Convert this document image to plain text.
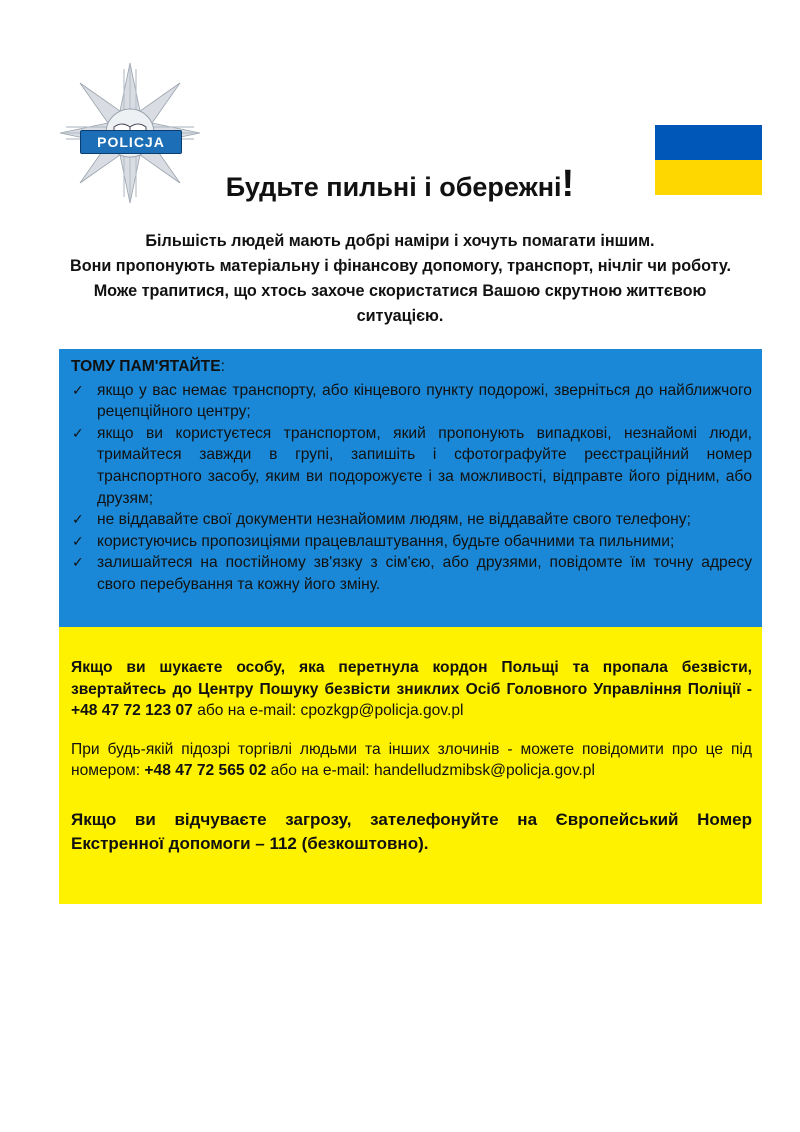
POLICJA
Будьте пильні і обережні!
Більшість людей мають добрі наміри і хочуть помагати іншим.
Вони пропонують матеріальну і фінансову допомогу, транспорт, нічліг чи роботу.
Може трапитися, що хтось захоче скористатися Вашою скрутною життєвою
ситуацією.
ТОМУ ПАМ'ЯТАЙТЕ:
✓ якщо у вас немає транспорту, або кінцевого пункту подорожі, зверніться до найближчого рецепційного центру;
✓ якщо ви користуєтеся транспортом, який пропонують випадкові, незнайомі люди, тримайтеся завжди в групі, запишіть і сфотографуйте реєстраційний номер транспортного засобу, яким ви подорожуєте і за можливості, відправте його рідним, або друзям;
✓ не віддавайте свої документи незнайомим людям, не віддавайте свого телефону;
✓ користуючись пропозиціями працевлаштування, будьте обачними та пильними;
✓ залишайтеся на постійному зв'язку з сім'єю, або друзями, повідомте їм точну адресу свого перебування та кожну його зміну.

Якщо ви шукаєте особу, яка перетнула кордон Польщі та пропала безвісти, звертайтесь до Центру Пошуку безвісти зниклих Осіб Головного Управління Поліції - +48 47 72 123 07 або на e-mail: cpozkgp@policja.gov.pl

При будь-якій підозрі торгівлі людьми та інших злочинів - можете повідомити про це під номером: +48 47 72 565 02 або на e-mail: handelludzmibsk@policja.gov.pl

Якщо ви відчуваєте загрозу, зателефонуйте на Європейський Номер Екстренної допомоги – 112 (безкоштовно).
